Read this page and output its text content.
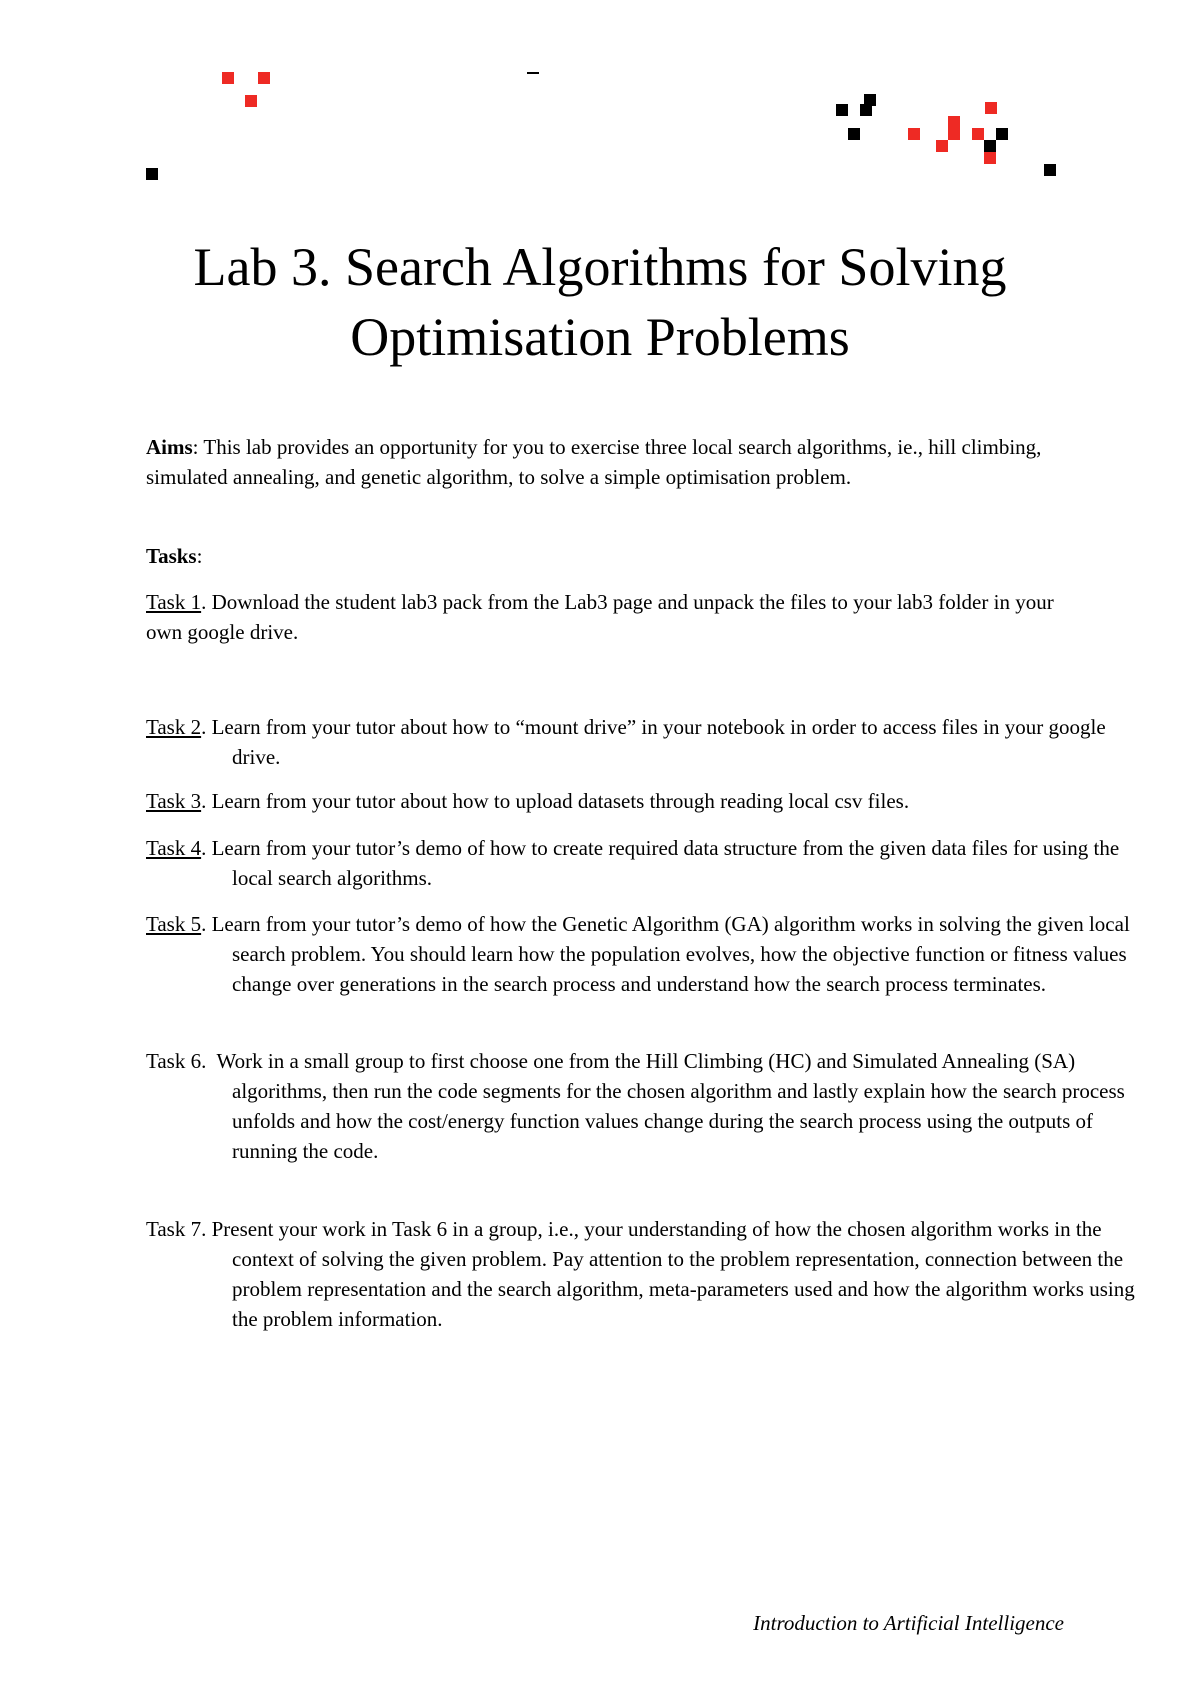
Lab 3. Search Algorithms for Solving
Optimisation Problems

Aims: This lab provides an opportunity for you to exercise three local search algorithms, ie., hill climbing, simulated annealing, and genetic algorithm, to solve a simple optimisation problem.

Tasks:

Task 1. Download the student lab3 pack from the Lab3 page and unpack the files to your lab3 folder in your own google drive.

Task 2. Learn from your tutor about how to “mount drive” in your notebook in order to access files in your google drive.

Task 3. Learn from your tutor about how to upload datasets through reading local csv files.

Task 4. Learn from your tutor’s demo of how to create required data structure from the given data files for using the local search algorithms.

Task 5. Learn from your tutor’s demo of how the Genetic Algorithm (GA) algorithm works in solving the given local search problem. You should learn how the population evolves, how the objective function or fitness values change over generations in the search process and understand how the search process terminates.

Task 6.  Work in a small group to first choose one from the Hill Climbing (HC) and Simulated Annealing (SA) algorithms, then run the code segments for the chosen algorithm and lastly explain how the search process unfolds and how the cost/energy function values change during the search process using the outputs of running the code.

Task 7. Present your work in Task 6 in a group, i.e., your understanding of how the chosen algorithm works in the context of solving the given problem. Pay attention to the problem representation, connection between the problem representation and the search algorithm, meta-parameters used and how the algorithm works using the problem information.

Introduction to Artificial Intelligence
